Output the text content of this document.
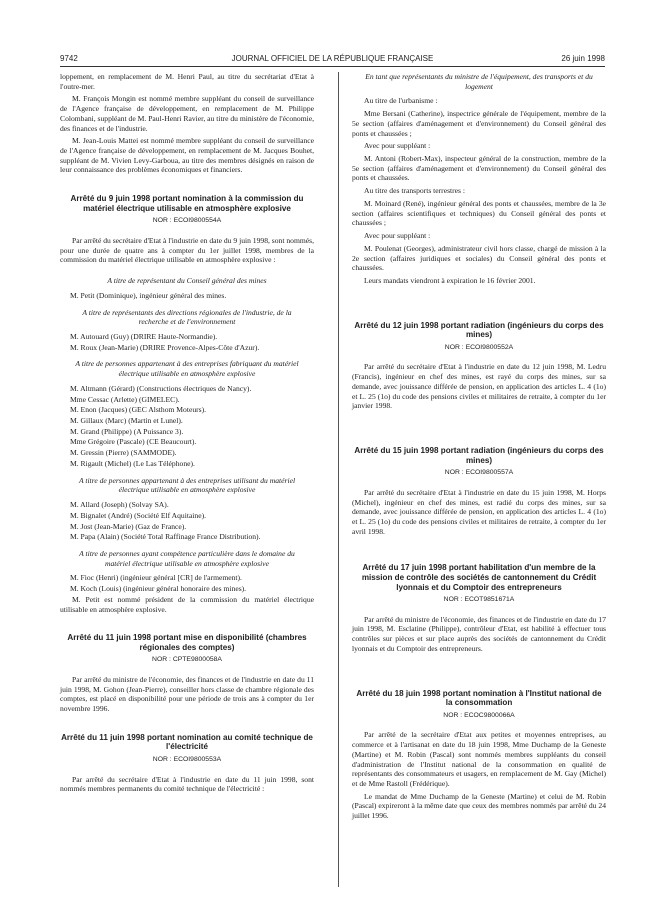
JOURNAL OFFICIEL DE LA RÉPUBLIQUE FRANÇAISE
9742	26 juin 1998

loppement, en remplacement de M. Henri Paul, au titre du secrétariat d'Etat à l'outre-mer.

M. François Mongin est nommé membre suppléant du conseil de surveillance de l'Agence française de développement, en remplacement de M. Philippe Colombani, suppléant de M. Paul-Henri Ravier, au titre du ministère de l'économie, des finances et de l'industrie.

M. Jean-Louis Mattei est nommé membre suppléant du conseil de surveillance de l'Agence française de développement, en remplacement de M. Jacques Bouhet, suppléant de M. Vivien Levy-Garboua, au titre des membres désignés en raison de leur connaissance des problèmes économiques et financiers.

Arrêté du 9 juin 1998 portant nomination à la commission du matériel électrique utilisable en atmosphère explosive

NOR : ECOI9800554A

Par arrêté du secrétaire d'Etat à l'industrie en date du 9 juin 1998, sont nommés, pour une durée de quatre ans à compter du 1er juillet 1998, membres de la commission du matériel électrique utilisable en atmosphère explosive :

A titre de représentant du Conseil général des mines

M. Petit (Dominique), ingénieur général des mines.

A titre de représentants des directions régionales de l'industrie, de la recherche et de l'environnement

M. Autouard (Guy) (DRIRE Haute-Normandie).

M. Roux (Jean-Marie) (DRIRE Provence-Alpes-Côte d'Azur).

A titre de personnes appartenant à des entreprises fabriquant du matériel électrique utilisable en atmosphère explosive

M. Altmann (Gérard) (Constructions électriques de Nancy).

Mme Cessac (Arlette) (GIMELEC).

M. Enon (Jacques) (GEC Alsthom Moteurs).

M. Gillaux (Marc) (Martin et Lunel).

M. Grand (Philippe) (A Puissance 3).

Mme Grégoire (Pascale) (CE Beaucourt).

M. Gressin (Pierre) (SAMMODE).

M. Rigault (Michel) (Le Las Téléphone).

A titre de personnes appartenant à des entreprises utilisant du matériel électrique utilisable en atmosphère explosive

M. Allard (Joseph) (Solvay SA).

M. Bignalet (André) (Société Elf Aquitaine).

M. Jost (Jean-Marie) (Gaz de France).

M. Papa (Alain) (Société Total Raffinage France Distribution).

A titre de personnes ayant compétence particulière dans le domaine du matériel électrique utilisable en atmosphère explosive

M. Fioc (Henri) (ingénieur général [CR] de l'armement).

M. Koch (Louis) (ingénieur général honoraire des mines).

M. Petit est nommé président de la commission du matériel électrique utilisable en atmosphère explosive.

Arrêté du 11 juin 1998 portant mise en disponibilité (chambres régionales des comptes)

NOR : CPTE9800058A

Par arrêté du ministre de l'économie, des finances et de l'industrie en date du 11 juin 1998, M. Gohon (Jean-Pierre), conseiller hors classe de chambre régionale des comptes, est placé en disponibilité pour une période de trois ans à compter du 1er novembre 1996.

Arrêté du 11 juin 1998 portant nomination au comité technique de l'électricité

NOR : ECOI9800553A

Par arrêté du secrétaire d'Etat à l'industrie en date du 11 juin 1998, sont nommés membres permanents du comité technique de l'électricité :

En tant que représentants du ministre de l'équipement, des transports et du logement

Au titre de l'urbanisme :

Mme Bersani (Catherine), inspectrice générale de l'équipement, membre de la 5e section (affaires d'aménagement et d'environnement) du Conseil général des ponts et chaussées ;

Avec pour suppléant :

M. Antoni (Robert-Max), inspecteur général de la construction, membre de la 5e section (affaires d'aménagement et d'environnement) du Conseil général des ponts et chaussées.

Au titre des transports terrestres :

M. Moinard (René), ingénieur général des ponts et chaussées, membre de la 3e section (affaires scientifiques et techniques) du Conseil général des ponts et chaussées ;

Avec pour suppléant :

M. Poulenat (Georges), administrateur civil hors classe, chargé de mission à la 2e section (affaires juridiques et sociales) du Conseil général des ponts et chaussées.

Leurs mandats viendront à expiration le 16 février 2001.

Arrêté du 12 juin 1998 portant radiation (ingénieurs du corps des mines)

NOR : ECOI9800552A

Par arrêté du secrétaire d'Etat à l'industrie en date du 12 juin 1998, M. Ledru (Francis), ingénieur en chef des mines, est rayé du corps des mines, sur sa demande, avec jouissance différée de pension, en application des articles L. 4 (1o) et L. 25 (1o) du code des pensions civiles et militaires de retraite, à compter du 1er janvier 1998.

Arrêté du 15 juin 1998 portant radiation (ingénieurs du corps des mines)

NOR : ECOI9800557A

Par arrêté du secrétaire d'Etat à l'industrie en date du 15 juin 1998, M. Horps (Michel), ingénieur en chef des mines, est radié du corps des mines, sur sa demande, avec jouissance différée de pension, en application des articles L. 4 (1o) et L. 25 (1o) du code des pensions civiles et militaires de retraite, à compter du 1er avril 1998.

Arrêté du 17 juin 1998 portant habilitation d'un membre de la mission de contrôle des sociétés de cantonnement du Crédit lyonnais et du Comptoir des entrepreneurs

NOR : ECOT9851671A

Par arrêté du ministre de l'économie, des finances et de l'industrie en date du 17 juin 1998, M. Esclatine (Philippe), contrôleur d'Etat, est habilité à effectuer tous contrôles sur pièces et sur place auprès des sociétés de cantonnement du Crédit lyonnais et du Comptoir des entrepreneurs.

Arrêté du 18 juin 1998 portant nomination à l'Institut national de la consommation

NOR : ECOC9800066A

Par arrêté de la secrétaire d'Etat aux petites et moyennes entreprises, au commerce et à l'artisanat en date du 18 juin 1998, Mme Duchamp de la Geneste (Martine) et M. Robin (Pascal) sont nommés membres suppléants du conseil d'administration de l'Institut national de la consommation en qualité de représentants des consommateurs et usagers, en remplacement de M. Gay (Michel) et de Mme Rastoll (Frédérique).

Le mandat de Mme Duchamp de la Geneste (Martine) et celui de M. Robin (Pascal) expireront à la même date que ceux des membres nommés par arrêté du 24 juillet 1996.
